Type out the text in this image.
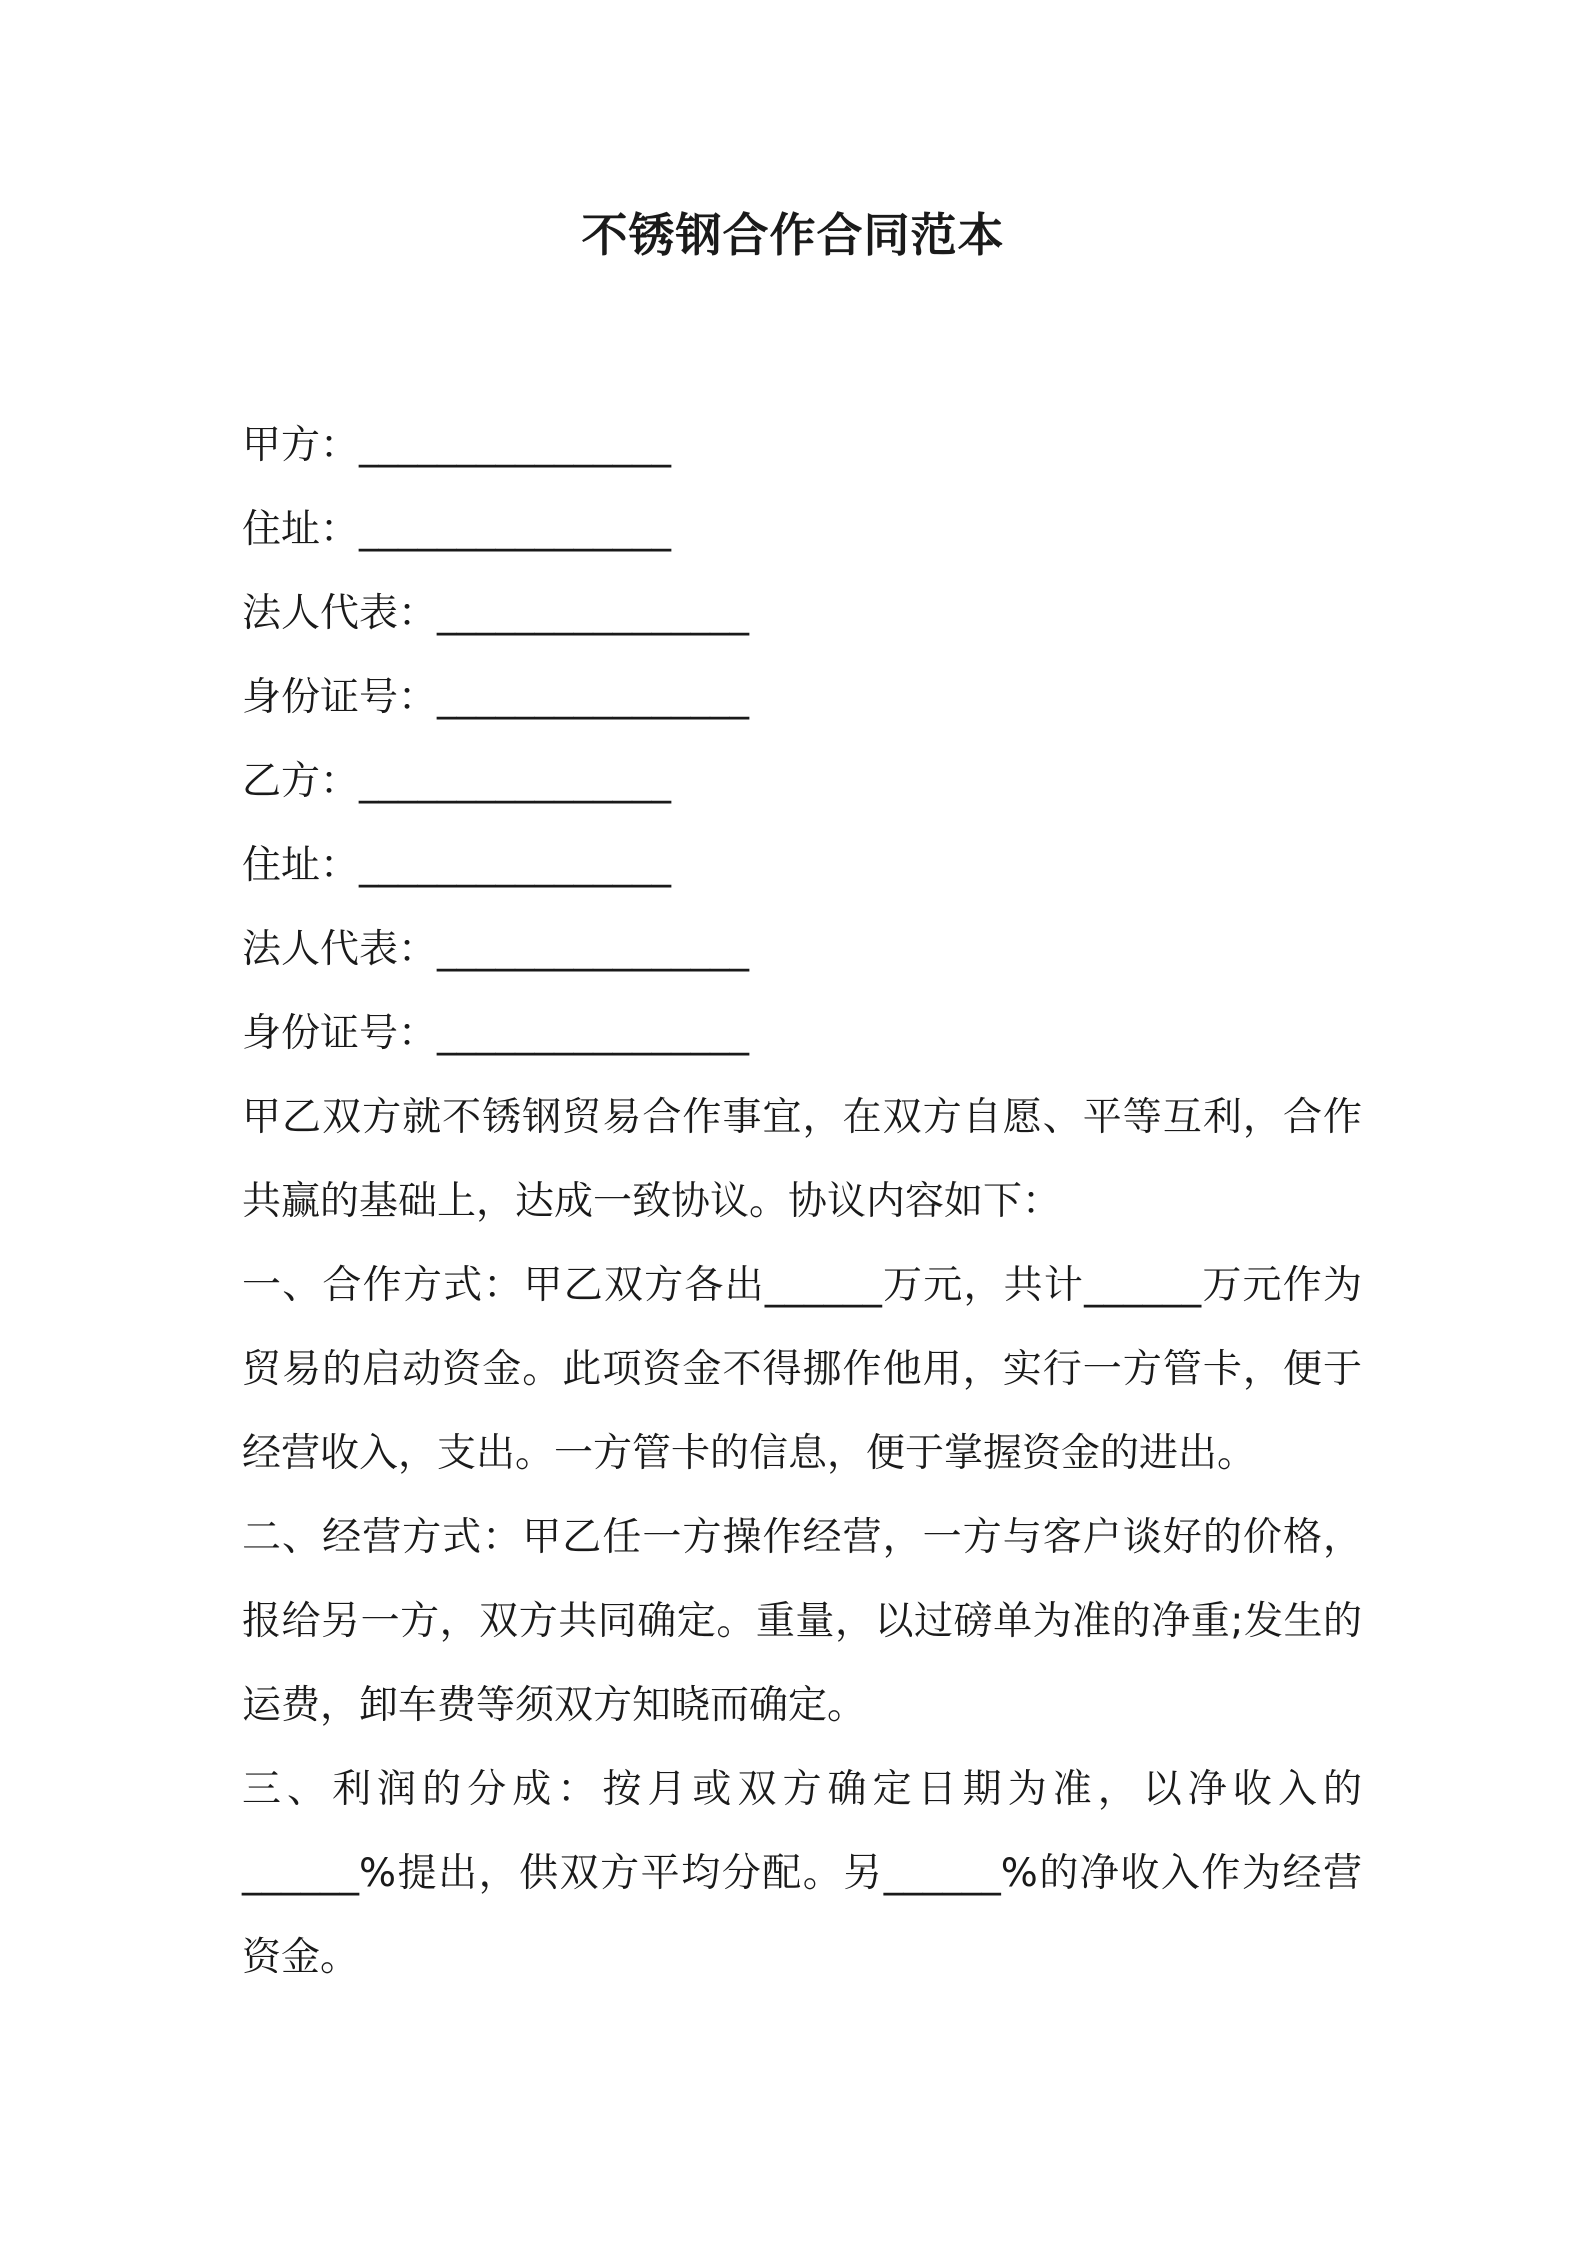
不锈钢合作合同范本

甲方：________________

住址：________________

法人代表：________________

身份证号：________________

乙方：________________

住址：________________

法人代表：________________

身份证号：________________

甲乙双方就不锈钢贸易合作事宜，在双方自愿、平等互利，合作共赢的基础上，达成一致协议。协议内容如下：

一、合作方式：甲乙双方各出______万元，共计______万元作为贸易的启动资金。此项资金不得挪作他用，实行一方管卡，便于经营收入，支出。一方管卡的信息，便于掌握资金的进出。

二、经营方式：甲乙任一方操作经营，一方与客户谈好的价格，报给另一方，双方共同确定。重量，以过磅单为准的净重;发生的运费，卸车费等须双方知晓而确定。

三、利润的分成：按月或双方确定日期为准，以净收入的______%提出，供双方平均分配。另______%的净收入作为经营资金。
